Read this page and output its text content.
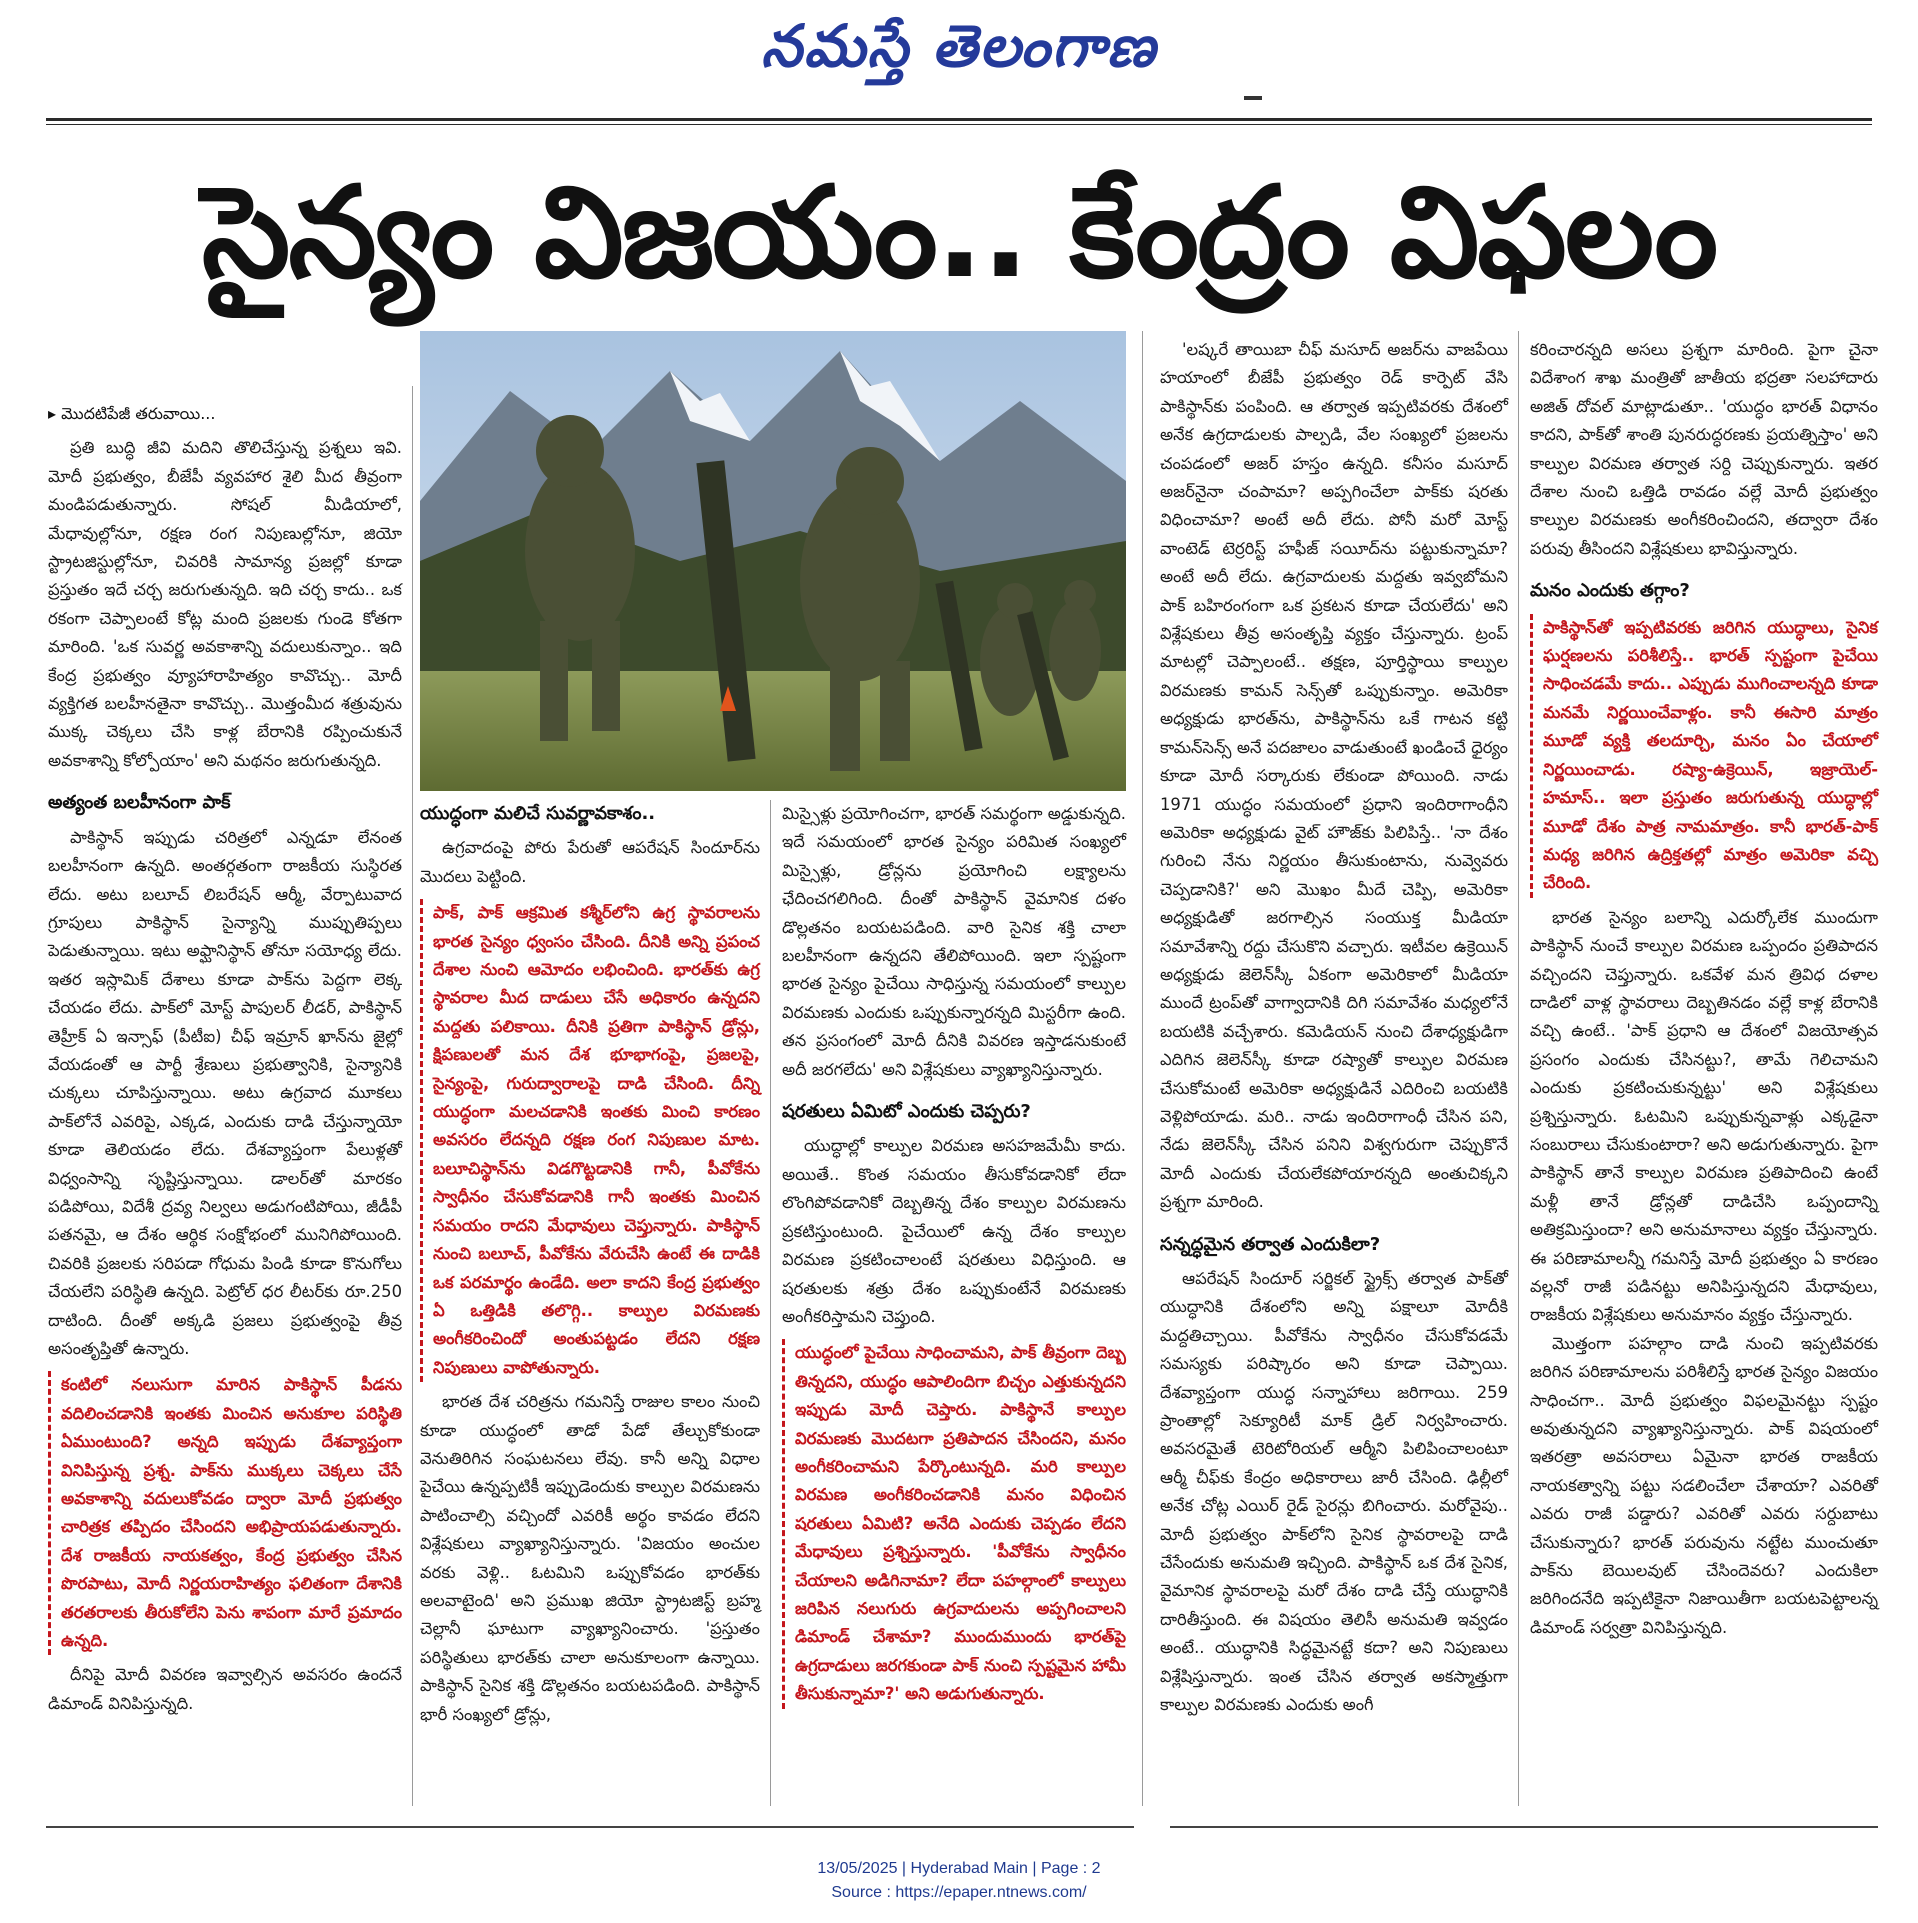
నమస్తే తెలంగాణ
సైన్యం విజయం.. కేంద్రం విఫలం
▸ మొదటిపేజీ తరువాయి...

ప్రతి బుద్ధి జీవి మదిని తొలిచేస్తున్న ప్రశ్నలు ఇవి. మోదీ ప్రభుత్వం, బీజేపీ వ్యవహార శైలి మీద తీవ్రంగా మండిపడుతున్నారు. సోషల్ మీడియాలో, మేధావుల్లోనూ, రక్షణ రంగ నిపుణుల్లోనూ, జియో స్ట్రాటజిస్టుల్లోనూ, చివరికి సామాన్య ప్రజల్లో కూడా ప్రస్తుతం ఇదే చర్చ జరుగుతున్నది. ఇది చర్చ కాదు.. ఒక రకంగా చెప్పాలంటే కోట్ల మంది ప్రజలకు గుండె కోతగా మారింది. 'ఒక సువర్ణ అవకాశాన్ని వదులుకున్నాం.. ఇది కేంద్ర ప్రభుత్వం వ్యూహారాహిత్యం కావొచ్చు.. మోదీ వ్యక్తిగత బలహీనతైనా కావొచ్చు.. మొత్తంమీద శత్రువును ముక్క చెక్కలు చేసి కాళ్ల బేరానికి రప్పించుకునే అవకాశాన్ని కోల్పోయాం' అని మథనం జరుగుతున్నది.

అత్యంత బలహీనంగా పాక్

పాకిస్థాన్ ఇప్పుడు చరిత్రలో ఎన్నడూ లేనంత బలహీనంగా ఉన్నది. అంతర్గతంగా రాజకీయ సుస్థిరత లేదు. అటు బలూచ్ లిబరేషన్ ఆర్మీ, వేర్పాటువాద గ్రూపులు పాకిస్థాన్ సైన్యాన్ని ముప్పుతిప్పలు పెడుతున్నాయి. ఇటు అఫ్ఘానిస్థాన్ తోనూ సయోధ్య లేదు. ఇతర ఇస్లామిక్ దేశాలు కూడా పాక్‌ను పెద్దగా లెక్క చేయడం లేదు. పాక్‌లో మోస్ట్ పాపులర్ లీడర్, పాకిస్థాన్ తెహ్రీక్ ఏ ఇన్సాఫ్ (పీటీఐ) చీఫ్ ఇమ్రాన్ ఖాన్‌ను జైల్లో వేయడంతో ఆ పార్టీ శ్రేణులు ప్రభుత్వానికి, సైన్యానికి చుక్కలు చూపిస్తున్నాయి. అటు ఉగ్రవాద మూకలు పాక్‌లోనే ఎవరిపై, ఎక్కడ, ఎందుకు దాడి చేస్తున్నాయో కూడా తెలియడం లేదు. దేశవ్యాప్తంగా పేలుళ్లతో విధ్వంసాన్ని సృష్టిస్తున్నాయి. డాలర్‌తో మారకం పడిపోయి, విదేశీ ద్రవ్య నిల్వలు అడుగంటిపోయి, జీడీపీ పతనమై, ఆ దేశం ఆర్థిక సంక్షోభంలో మునిగిపోయింది. చివరికి ప్రజలకు సరిపడా గోధుమ పిండి కూడా కొనుగోలు చేయలేని పరిస్థితి ఉన్నది. పెట్రోల్ ధర లీటర్‌కు రూ.250 దాటింది. దీంతో అక్కడి ప్రజలు ప్రభుత్వంపై తీవ్ర అసంతృప్తితో ఉన్నారు.

కంటిలో నలుసుగా మారిన పాకిస్థాన్ పీడను వదిలించడానికి ఇంతకు మించిన అనుకూల పరిస్థితి ఏముంటుంది? అన్నది ఇప్పుడు దేశవ్యాప్తంగా వినిపిస్తున్న ప్రశ్న. పాక్‌ను ముక్కలు చెక్కలు చేసే అవకాశాన్ని వదులుకోవడం ద్వారా మోదీ ప్రభుత్వం చారిత్రక తప్పిదం చేసిందని అభిప్రాయపడుతున్నారు. దేశ రాజకీయ నాయకత్వం, కేంద్ర ప్రభుత్వం చేసిన పొరపాటు, మోదీ నిర్ణయరాహిత్యం ఫలితంగా దేశానికి తరతరాలకు తీరుకోలేని పెను శాపంగా మారే ప్రమాదం ఉన్నది.

దీనిపై మోదీ వివరణ ఇవ్వాల్సిన అవసరం ఉందనే డిమాండ్ వినిపిస్తున్నది.

యుద్ధంగా మలిచే సువర్ణావకాశం..

ఉగ్రవాదంపై పోరు పేరుతో ఆపరేషన్ సిందూర్‌ను మొదలు పెట్టింది.

పాక్, పాక్ ఆక్రమిత కశ్మీర్‌లోని ఉగ్ర స్థావరాలను భారత సైన్యం ధ్వంసం చేసింది. దీనికి అన్ని ప్రపంచ దేశాల నుంచి ఆమోదం లభించింది. భారత్‌కు ఉగ్ర స్థావరాల మీద దాడులు చేసే అధికారం ఉన్నదని మద్దతు పలికాయి. దీనికి ప్రతిగా పాకిస్థాన్ డ్రోన్లు, క్షిపణులతో మన దేశ భూభాగంపై, ప్రజలపై, సైన్యంపై, గురుద్వారాలపై దాడి చేసింది. దీన్ని యుద్ధంగా మలచడానికి ఇంతకు మించి కారణం అవసరం లేదన్నది రక్షణ రంగ నిపుణుల మాట. బలూచిస్థాన్‌ను విడగొట్టడానికి గానీ, పీవోకేను స్వాధీనం చేసుకోవడానికి గానీ ఇంతకు మించిన సమయం రాదని మేధావులు చెప్తున్నారు. పాకిస్థాన్ నుంచి బలూచ్, పీవోకేను వేరుచేసి ఉంటే ఈ దాడికి ఒక పరమార్థం ఉండేది. అలా కాదని కేంద్ర ప్రభుత్వం ఏ ఒత్తిడికి తలొగ్గి.. కాల్పుల విరమణకు అంగీకరించిందో అంతుపట్టడం లేదని రక్షణ నిపుణులు వాపోతున్నారు.

భారత దేశ చరిత్రను గమనిస్తే రాజుల కాలం నుంచి కూడా యుద్ధంలో తాడో పేడో తేల్చుకోకుండా వెనుతిరిగిన సంఘటనలు లేవు. కానీ అన్ని విధాల పైచేయి ఉన్నప్పటికీ ఇప్పుడెందుకు కాల్పుల విరమణను పాటించాల్సి వచ్చిందో ఎవరికీ అర్థం కావడం లేదని విశ్లేషకులు వ్యాఖ్యానిస్తున్నారు. 'విజయం అంచుల వరకు వెళ్లి.. ఓటమిని ఒప్పుకోవడం భారత్‌కు అలవాటైంది' అని ప్రముఖ జియో స్ట్రాటజిస్ట్ బ్రహ్మ చెల్లానీ ఘాటుగా వ్యాఖ్యానించారు. 'ప్రస్తుతం పరిస్థితులు భారత్‌కు చాలా అనుకూలంగా ఉన్నాయి. పాకిస్థాన్ సైనిక శక్తి డొల్లతనం బయటపడింది. పాకిస్థాన్ భారీ సంఖ్యలో డ్రోన్లు,

మిస్సైళ్లు ప్రయోగించగా, భారత్ సమర్థంగా అడ్డుకున్నది. ఇదే సమయంలో భారత సైన్యం పరిమిత సంఖ్యలో మిస్సైళ్లు, డ్రోన్లను ప్రయోగించి లక్ష్యాలను ఛేదించగలిగింది. దీంతో పాకిస్థాన్ వైమానిక దళం డొల్లతనం బయటపడింది. వారి సైనిక శక్తి చాలా బలహీనంగా ఉన్నదని తేలిపోయింది. ఇలా స్పష్టంగా భారత సైన్యం పైచేయి సాధిస్తున్న సమయంలో కాల్పుల విరమణకు ఎందుకు ఒప్పుకున్నారన్నది మిస్టరీగా ఉంది. తన ప్రసంగంలో మోదీ దీనికి వివరణ ఇస్తాడనుకుంటే అదీ జరగలేదు' అని విశ్లేషకులు వ్యాఖ్యానిస్తున్నారు.

షరతులు ఏమిటో ఎందుకు చెప్పరు?

యుద్ధాల్లో కాల్పుల విరమణ అసహజమేమీ కాదు. అయితే.. కొంత సమయం తీసుకోవడానికో లేదా లొంగిపోవడానికో దెబ్బతిన్న దేశం కాల్పుల విరమణను ప్రకటిస్తుంటుంది. పైచేయిలో ఉన్న దేశం కాల్పుల విరమణ ప్రకటించాలంటే షరతులు విధిస్తుంది. ఆ షరతులకు శత్రు దేశం ఒప్పుకుంటేనే విరమణకు అంగీకరిస్తామని చెప్తుంది.

యుద్ధంలో పైచేయి సాధించామని, పాక్ తీవ్రంగా దెబ్బ తిన్నదని, యుద్ధం ఆపాలిందిగా బిచ్చం ఎత్తుకున్నదని ఇప్పుడు మోదీ చెప్తారు. పాకిస్థానే కాల్పుల విరమణకు మొదటగా ప్రతిపాదన చేసిందని, మనం అంగీకరించామని పేర్కొంటున్నది. మరి కాల్పుల విరమణ అంగీకరించడానికి మనం విధించిన షరతులు ఏమిటి? అనేది ఎందుకు చెప్పడం లేదని మేధావులు ప్రశ్నిస్తున్నారు. 'పీవోకేను స్వాధీనం చేయాలని అడిగినామా? లేదా పహల్గాంలో కాల్పులు జరిపిన నలుగురు ఉగ్రవాదులను అప్పగించాలని డిమాండ్ చేశామా? ముందుముందు భారత్‌పై ఉగ్రదాడులు జరగకుండా పాక్ నుంచి స్పష్టమైన హామీ తీసుకున్నామా?' అని అడుగుతున్నారు.

'లష్కరే తాయిబా చీఫ్ మసూద్ అజర్‌ను వాజపేయి హయాంలో బీజేపీ ప్రభుత్వం రెడ్ కార్పెట్ వేసి పాకిస్థాన్‌కు పంపింది. ఆ తర్వాత ఇప్పటివరకు దేశంలో అనేక ఉగ్రదాడులకు పాల్పడి, వేల సంఖ్యలో ప్రజలను చంపడంలో అజర్ హస్తం ఉన్నది. కనీసం మసూద్ అజర్‌నైనా చంపామా? అప్పగించేలా పాక్‌కు షరతు విధించామా? అంటే అదీ లేదు. పోనీ మరో మోస్ట్ వాంటెడ్ టెర్రరిస్ట్ హఫీజ్ సయీద్‌ను పట్టుకున్నామా? అంటే అదీ లేదు. ఉగ్రవాదులకు మద్దతు ఇవ్వబోమని పాక్ బహిరంగంగా ఒక ప్రకటన కూడా చేయలేదు' అని విశ్లేషకులు తీవ్ర అసంతృప్తి వ్యక్తం చేస్తున్నారు. ట్రంప్ మాటల్లో చెప్పాలంటే.. తక్షణ, పూర్తిస్థాయి కాల్పుల విరమణకు కామన్ సెన్స్‌తో ఒప్పుకున్నాం. అమెరికా అధ్యక్షుడు భారత్‌ను, పాకిస్థాన్‌ను ఒకే గాటన కట్టి కామన్‌సెన్స్ అనే పదజాలం వాడుతుంటే ఖండించే ధైర్యం కూడా మోదీ సర్కారుకు లేకుండా పోయింది. నాడు 1971 యుద్ధం సమయంలో ప్రధాని ఇందిరాగాంధీని అమెరికా అధ్యక్షుడు వైట్ హౌజ్‌కు పిలిపిస్తే.. 'నా దేశం గురించి నేను నిర్ణయం తీసుకుంటాను, నువ్వెవరు చెప్పడానికి?' అని మొఖం మీదే చెప్పి, అమెరికా అధ్యక్షుడితో జరగాల్సిన సంయుక్త మీడియా సమావేశాన్ని రద్దు చేసుకొని వచ్చారు. ఇటీవల ఉక్రెయిన్ అధ్యక్షుడు జెలెన్‌స్కీ ఏకంగా అమెరికాలో మీడియా ముందే ట్రంప్‌తో వాగ్వాదానికి దిగి సమావేశం మధ్యలోనే బయటికి వచ్చేశారు. కమెడియన్ నుంచి దేశాధ్యక్షుడిగా ఎదిగిన జెలెన్‌స్కీ కూడా రష్యాతో కాల్పుల విరమణ చేసుకోమంటే అమెరికా అధ్యక్షుడినే ఎదిరించి బయటికి వెళ్లిపోయాడు. మరి.. నాడు ఇందిరాగాంధీ చేసిన పని, నేడు జెలెన్‌స్కీ చేసిన పనిని విశ్వగురుగా చెప్పుకొనే మోదీ ఎందుకు చేయలేకపోయారన్నది అంతుచిక్కని ప్రశ్నగా మారింది.

సన్నద్ధమైన తర్వాత ఎందుకిలా?

ఆపరేషన్ సిందూర్ సర్జికల్ స్ట్రైక్స్ తర్వాత పాక్‌తో యుద్ధానికి దేశంలోని అన్ని పక్షాలూ మోదీకి మద్దతిచ్చాయి. పీవోకేను స్వాధీనం చేసుకోవడమే సమస్యకు పరిష్కారం అని కూడా చెప్పాయి. దేశవ్యాప్తంగా యుద్ధ సన్నాహాలు జరిగాయి. 259 ప్రాంతాల్లో సెక్యూరిటీ మాక్ డ్రిల్ నిర్వహించారు. అవసరమైతే టెరిటోరియల్ ఆర్మీని పిలిపించాలంటూ ఆర్మీ చీఫ్‌కు కేంద్రం అధికారాలు జారీ చేసింది. ఢిల్లీలో అనేక చోట్ల ఎయిర్ రైడ్ సైరన్లు బిగించారు. మరోవైపు.. మోదీ ప్రభుత్వం పాక్‌లోని సైనిక స్థావరాలపై దాడి చేసేందుకు అనుమతి ఇచ్చింది. పాకిస్థాన్ ఒక దేశ సైనిక, వైమానిక స్థావరాలపై మరో దేశం దాడి చేస్తే యుద్ధానికి దారితీస్తుంది. ఈ విషయం తెలిసీ అనుమతి ఇవ్వడం అంటే.. యుద్ధానికి సిద్ధమైనట్టే కదా? అని నిపుణులు విశ్లేషిస్తున్నారు. ఇంత చేసిన తర్వాత అకస్మాత్తుగా కాల్పుల విరమణకు ఎందుకు అంగీ

కరించారన్నది అసలు ప్రశ్నగా మారింది. పైగా చైనా విదేశాంగ శాఖ మంత్రితో జాతీయ భద్రతా సలహాదారు అజిత్ దోవల్ మాట్లాడుతూ.. 'యుద్ధం భారత్ విధానం కాదని, పాక్‌తో శాంతి పునరుద్ధరణకు ప్రయత్నిస్తాం' అని కాల్పుల విరమణ తర్వాత సర్ది చెప్పుకున్నారు. ఇతర దేశాల నుంచి ఒత్తిడి రావడం వల్లే మోదీ ప్రభుత్వం కాల్పుల విరమణకు అంగీకరించిందని, తద్వారా దేశం పరువు తీసిందని విశ్లేషకులు భావిస్తున్నారు.

మనం ఎందుకు తగ్గాం?

పాకిస్థాన్‌తో ఇప్పటివరకు జరిగిన యుద్ధాలు, సైనిక ఘర్షణలను పరిశీలిస్తే.. భారత్ స్పష్టంగా పైచేయి సాధించడమే కాదు.. ఎప్పుడు ముగించాలన్నది కూడా మనమే నిర్ణయించేవాళ్లం. కానీ ఈసారి మాత్రం మూడో వ్యక్తి తలదూర్చి, మనం ఏం చేయాలో నిర్ణయించాడు. రష్యా-ఉక్రెయిన్, ఇజ్రాయెల్-హమాస్.. ఇలా ప్రస్తుతం జరుగుతున్న యుద్ధాల్లో మూడో దేశం పాత్ర నామమాత్రం. కానీ భారత్-పాక్ మధ్య జరిగిన ఉద్రిక్తతల్లో మాత్రం అమెరికా వచ్చి చేరింది.

భారత సైన్యం బలాన్ని ఎదుర్కోలేక ముందుగా పాకిస్థాన్ నుంచే కాల్పుల విరమణ ఒప్పందం ప్రతిపాదన వచ్చిందని చెప్తున్నారు. ఒకవేళ మన త్రివిధ దళాల దాడిలో వాళ్ల స్థావరాలు దెబ్బతినడం వల్లే కాళ్ల బేరానికి వచ్చి ఉంటే.. 'పాక్ ప్రధాని ఆ దేశంలో విజయోత్సవ ప్రసంగం ఎందుకు చేసినట్టు?, తామే గెలిచామని ఎందుకు ప్రకటించుకున్నట్టు' అని విశ్లేషకులు ప్రశ్నిస్తున్నారు. ఓటమిని ఒప్పుకున్నవాళ్లు ఎక్కడైనా సంబురాలు చేసుకుంటారా? అని అడుగుతున్నారు. పైగా పాకిస్థాన్ తానే కాల్పుల విరమణ ప్రతిపాదించి ఉంటే మళ్లీ తానే డ్రోన్లతో దాడిచేసి ఒప్పందాన్ని అతిక్రమిస్తుందా? అని అనుమానాలు వ్యక్తం చేస్తున్నారు. ఈ పరిణామాలన్నీ గమనిస్తే మోదీ ప్రభుత్వం ఏ కారణం వల్లనో రాజీ పడినట్టు అనిపిస్తున్నదని మేధావులు, రాజకీయ విశ్లేషకులు అనుమానం వ్యక్తం చేస్తున్నారు.

మొత్తంగా పహల్గాం దాడి నుంచి ఇప్పటివరకు జరిగిన పరిణామాలను పరిశీలిస్తే భారత సైన్యం విజయం సాధించగా.. మోదీ ప్రభుత్వం విఫలమైనట్టు స్పష్టం అవుతున్నదని వ్యాఖ్యానిస్తున్నారు. పాక్ విషయంలో ఇతరత్రా అవసరాలు ఏమైనా భారత రాజకీయ నాయకత్వాన్ని పట్టు సడలించేలా చేశాయా? ఎవరితో ఎవరు రాజీ పడ్డారు? ఎవరితో ఎవరు సర్దుబాటు చేసుకున్నారు? భారత్ పరువును నట్టేట ముంచుతూ పాక్‌ను బెయిలవుట్ చేసిందెవరు? ఎందుకిలా జరిగిందనేది ఇప్పటికైనా నిజాయితీగా బయటపెట్టాలన్న డిమాండ్ సర్వత్రా వినిపిస్తున్నది.

13/05/2025 | Hyderabad Main | Page : 2
Source : https://epaper.ntnews.com/
